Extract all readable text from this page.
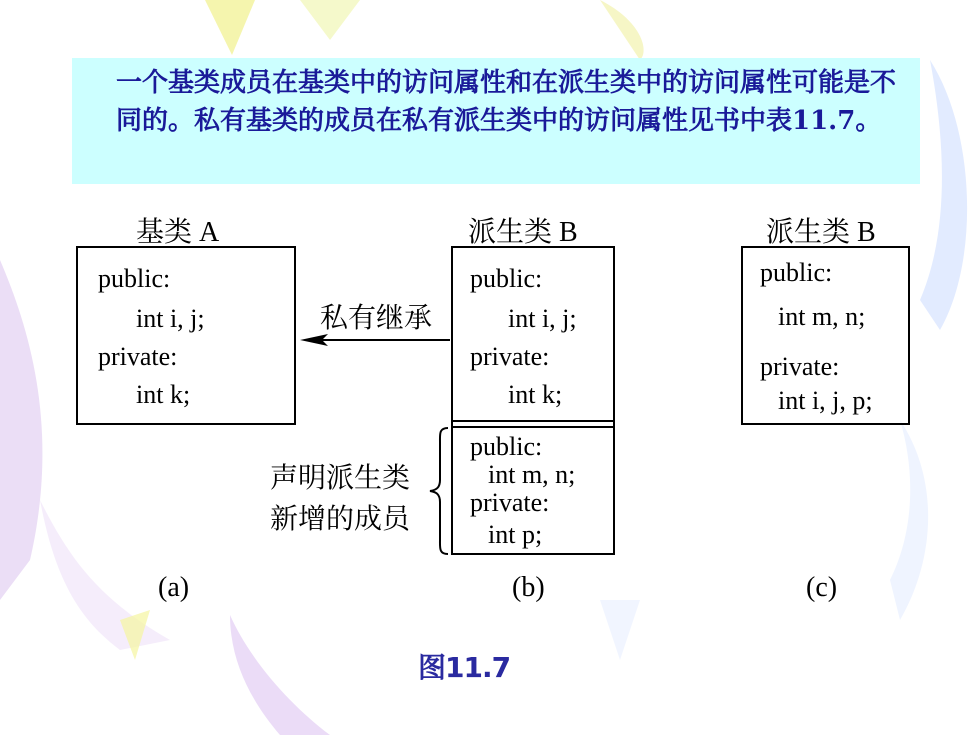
一个基类成员在基类中的访问属性和在派生类中的访问属性可能是不同的。私有基类的成员在私有派生类中的访问属性见书中表11.7。

基类 A
public:
int i, j;
private:
int k;
私有继承
派生类 B
public:
int i, j;
private:
int k;
public:
int m, n;
private:
int p;
声明派生类
新增的成员
派生类 B
public:
int m, n;
private:
int i, j, p;
(a)	(b)	(c)
图11.7
